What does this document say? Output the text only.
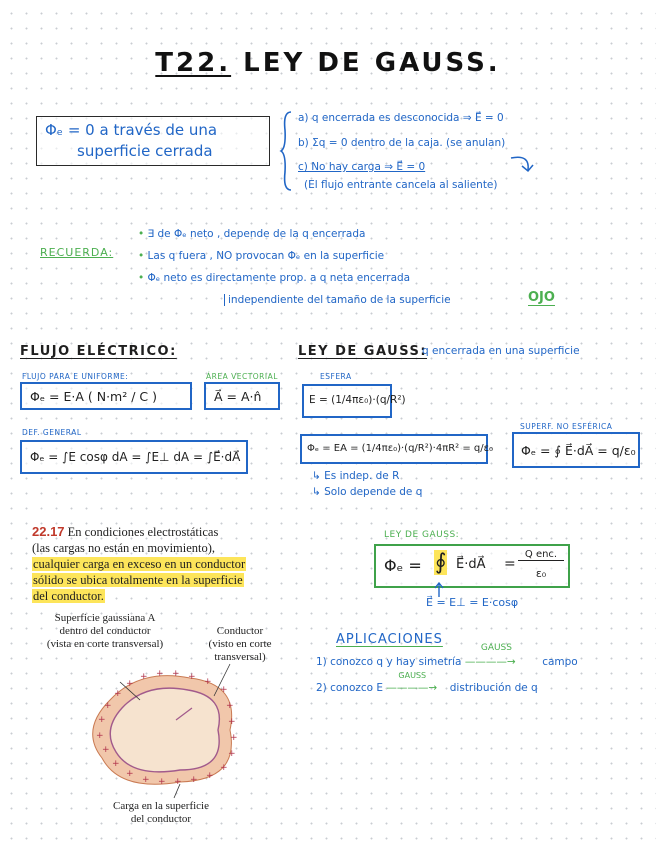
T22. LEY DE GAUSS.
Φₑ = 0 a través de una
superficie cerrada
a) q encerrada es desconocida ⇒ E⃗ = 0
b) Σq = 0 dentro de la caja. (se anulan)
c) No hay carga ⇒ E⃗ = 0
(El flujo entrante cancela al saliente)
RECUERDA:
• ∃ de Φₑ neto , depende de la q encerrada
• Las q fuera , NO provocan Φₑ en la superficie
• Φₑ neto es directamente prop. a q neta encerrada
independiente del tamaño de la superficie	OJO
FLUJO ELÉCTRICO:
FLUJO PARA E UNIFORME:
Φₑ = E·A ( N·m² / C )
ÁREA VECTORIAL
A⃗ = A·n̂
DEF. GENERAL
Φₑ = ∫E cosφ dA = ∫E⊥ dA = ∫E⃗·dA⃗
LEY DE GAUSS:
q encerrada en una superficie
ESFERA
E = (1/4πε₀)·(q/R²)
Φₑ = EA = (1/4πε₀)·(q/R²)·4πR² = q/ε₀
↳ Es indep. de R
↳ Solo depende de q
SUPERF. NO ESFÉRICA
Φₑ = ∮ E⃗·dA⃗ = q/ε₀
22.17 En condiciones electrostáticas
(las cargas no están en movimiento),
cualquier carga en exceso en un conductor
sólido se ubica totalmente en la superficie
del conductor.
Superficie gaussiana A
dentro del conductor
(vista en corte transversal)
Conductor
(visto en corte
transversal)
+
+
+ + + + +
+
+
+
+
+
+
+
+
+
+
+
+
+
+
+
+
+
Carga en la superficie
del conductor
LEY DE GAUSS:
Φₑ = ∮ E⃗·dA⃗ =
Q enc.
ε₀
E⃗ = E⊥ = E·cosφ
APLICACIONES
1) conozco q y hay simetría
GAUSS
————→	campo
2) conozco E
GAUSS
————→ distribución de q
